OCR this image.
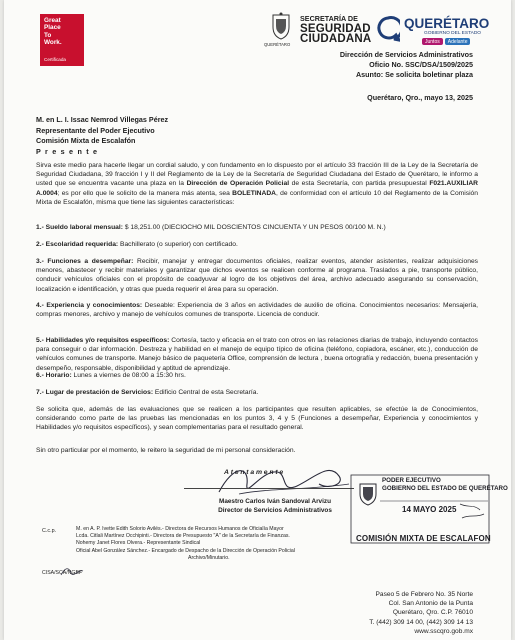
Great
Place
To
Work.
Certificada
QUERÉTARO
SECRETARÍA DE
SEGURIDAD
CIUDADANA
QUERÉTARO
GOBIERNO DEL ESTADO
Juntos	Adelante
Dirección de Servicios Administrativos
Oficio No. SSC/DSA/1509/2025
Asunto: Se solicita boletinar plaza
Querétaro, Qro., mayo 13, 2025
M. en L. I. Issac Nemrod Villegas Pérez
Representante del Poder Ejecutivo
Comisión Mixta de Escalafón
P r e s e n t e
Sirva este medio para hacerle llegar un cordial saludo, y con fundamento en lo dispuesto por el artículo 33 fracción III de la Ley de la Secretaría de Seguridad Ciudadana, 39 fracción I y II del Reglamento de la Ley de la Secretaría de Seguridad Ciudadana del Estado de Querétaro, le informo a usted que se encuentra vacante una plaza en la Dirección de Operación Policial de esta Secretaría, con partida presupuestal F021.AUXILIAR A.0004; es por ello que le solicito de la manera más atenta, sea BOLETINADA, de conformidad con el artículo 10 del Reglamento de la Comisión Mixta de Escalafón, misma que tiene las siguientes características:
1.- Sueldo laboral mensual: $ 18,251.00 (DIECIOCHO MIL DOSCIENTOS CINCUENTA Y UN PESOS 00/100 M. N.)
2.- Escolaridad requerida: Bachillerato (o superior) con certificado.
3.- Funciones a desempeñar: Recibir, manejar y entregar documentos oficiales, realizar eventos, atender asistentes, realizar adquisiciones menores, abastecer y recibir materiales y garantizar que dichos eventos se realicen conforme al programa. Traslados a pie, transporte público, conducir vehículos oficiales con el propósito de coadyuvar al logro de los objetivos del área, archivo adecuado asegurando su conservación, localización e identificación, y otras que pueda requerir el área para su operación.
4.- Experiencia y conocimientos: Deseable: Experiencia de 3 años en actividades de auxilio de oficina. Conocimientos necesarios: Mensajería, compras menores, archivo y manejo de vehículos comunes de transporte. Licencia de conducir.
5.- Habilidades y/o requisitos específicos: Cortesía, tacto y eficacia en el trato con otros en las relaciones diarias de trabajo, incluyendo contactos para conseguir o dar información. Destreza y habilidad en el manejo de equipo típico de oficina (teléfono, copiadora, escáner, etc.), conducción de vehículos comunes de transporte. Manejo básico de paquetería Office, comprensión de lectura , buena ortografía y redacción, buena presentación y desempeño, responsable, disponibilidad y aptitud de aprendizaje.
6.- Horario: Lunes a viernes de 08:00 a 15:30 hrs.
7.- Lugar de prestación de Servicios: Edificio Central de esta Secretaría.
Se solicita que, además de las evaluaciones que se realicen a los participantes que resulten aplicables, se efectúe la de Conocimientos, considerando como parte de las pruebas las mencionadas en los puntos 3, 4 y 5 (Funciones a desempeñar, Experiencia y conocimientos y Habilidades y/o requisitos específicos), y sean complementarias para el resultado general.
Sin otro particular por el momento, le reitero la seguridad de mi personal consideración.
Atentamente
Maestro Carlos Iván Sandoval Arvizu
Director de Servicios Administrativos
PODER EJECUTIVO
GOBIERNO DEL ESTADO DE QUERÉTARO
14 MAYO 2025
COMISIÓN MIXTA DE ESCALAFON
C.c.p.	M. en A. P. Ivette Edith Solorio Avilés.- Directora de Recursos Humanos de Oficialía Mayor
Lcda. Citlali Martínez Occhipinti.- Directora de Presupuesto "A" de la Secretaría de Finanzas.
Nohemy Janet Flores Olvera.- Representante Sindical
Oficial Abel González Sánchez.- Encargado de Despacho de la Dirección de Operación Policial
Archivo/Minutario.
CISA/SCA/NGBF
Paseo 5 de Febrero No. 35 Norte
Col. San Antonio de la Punta
Querétaro, Qro. C.P. 76010
T. (442) 309 14 00, (442) 309 14 13
www.sscqro.gob.mx
